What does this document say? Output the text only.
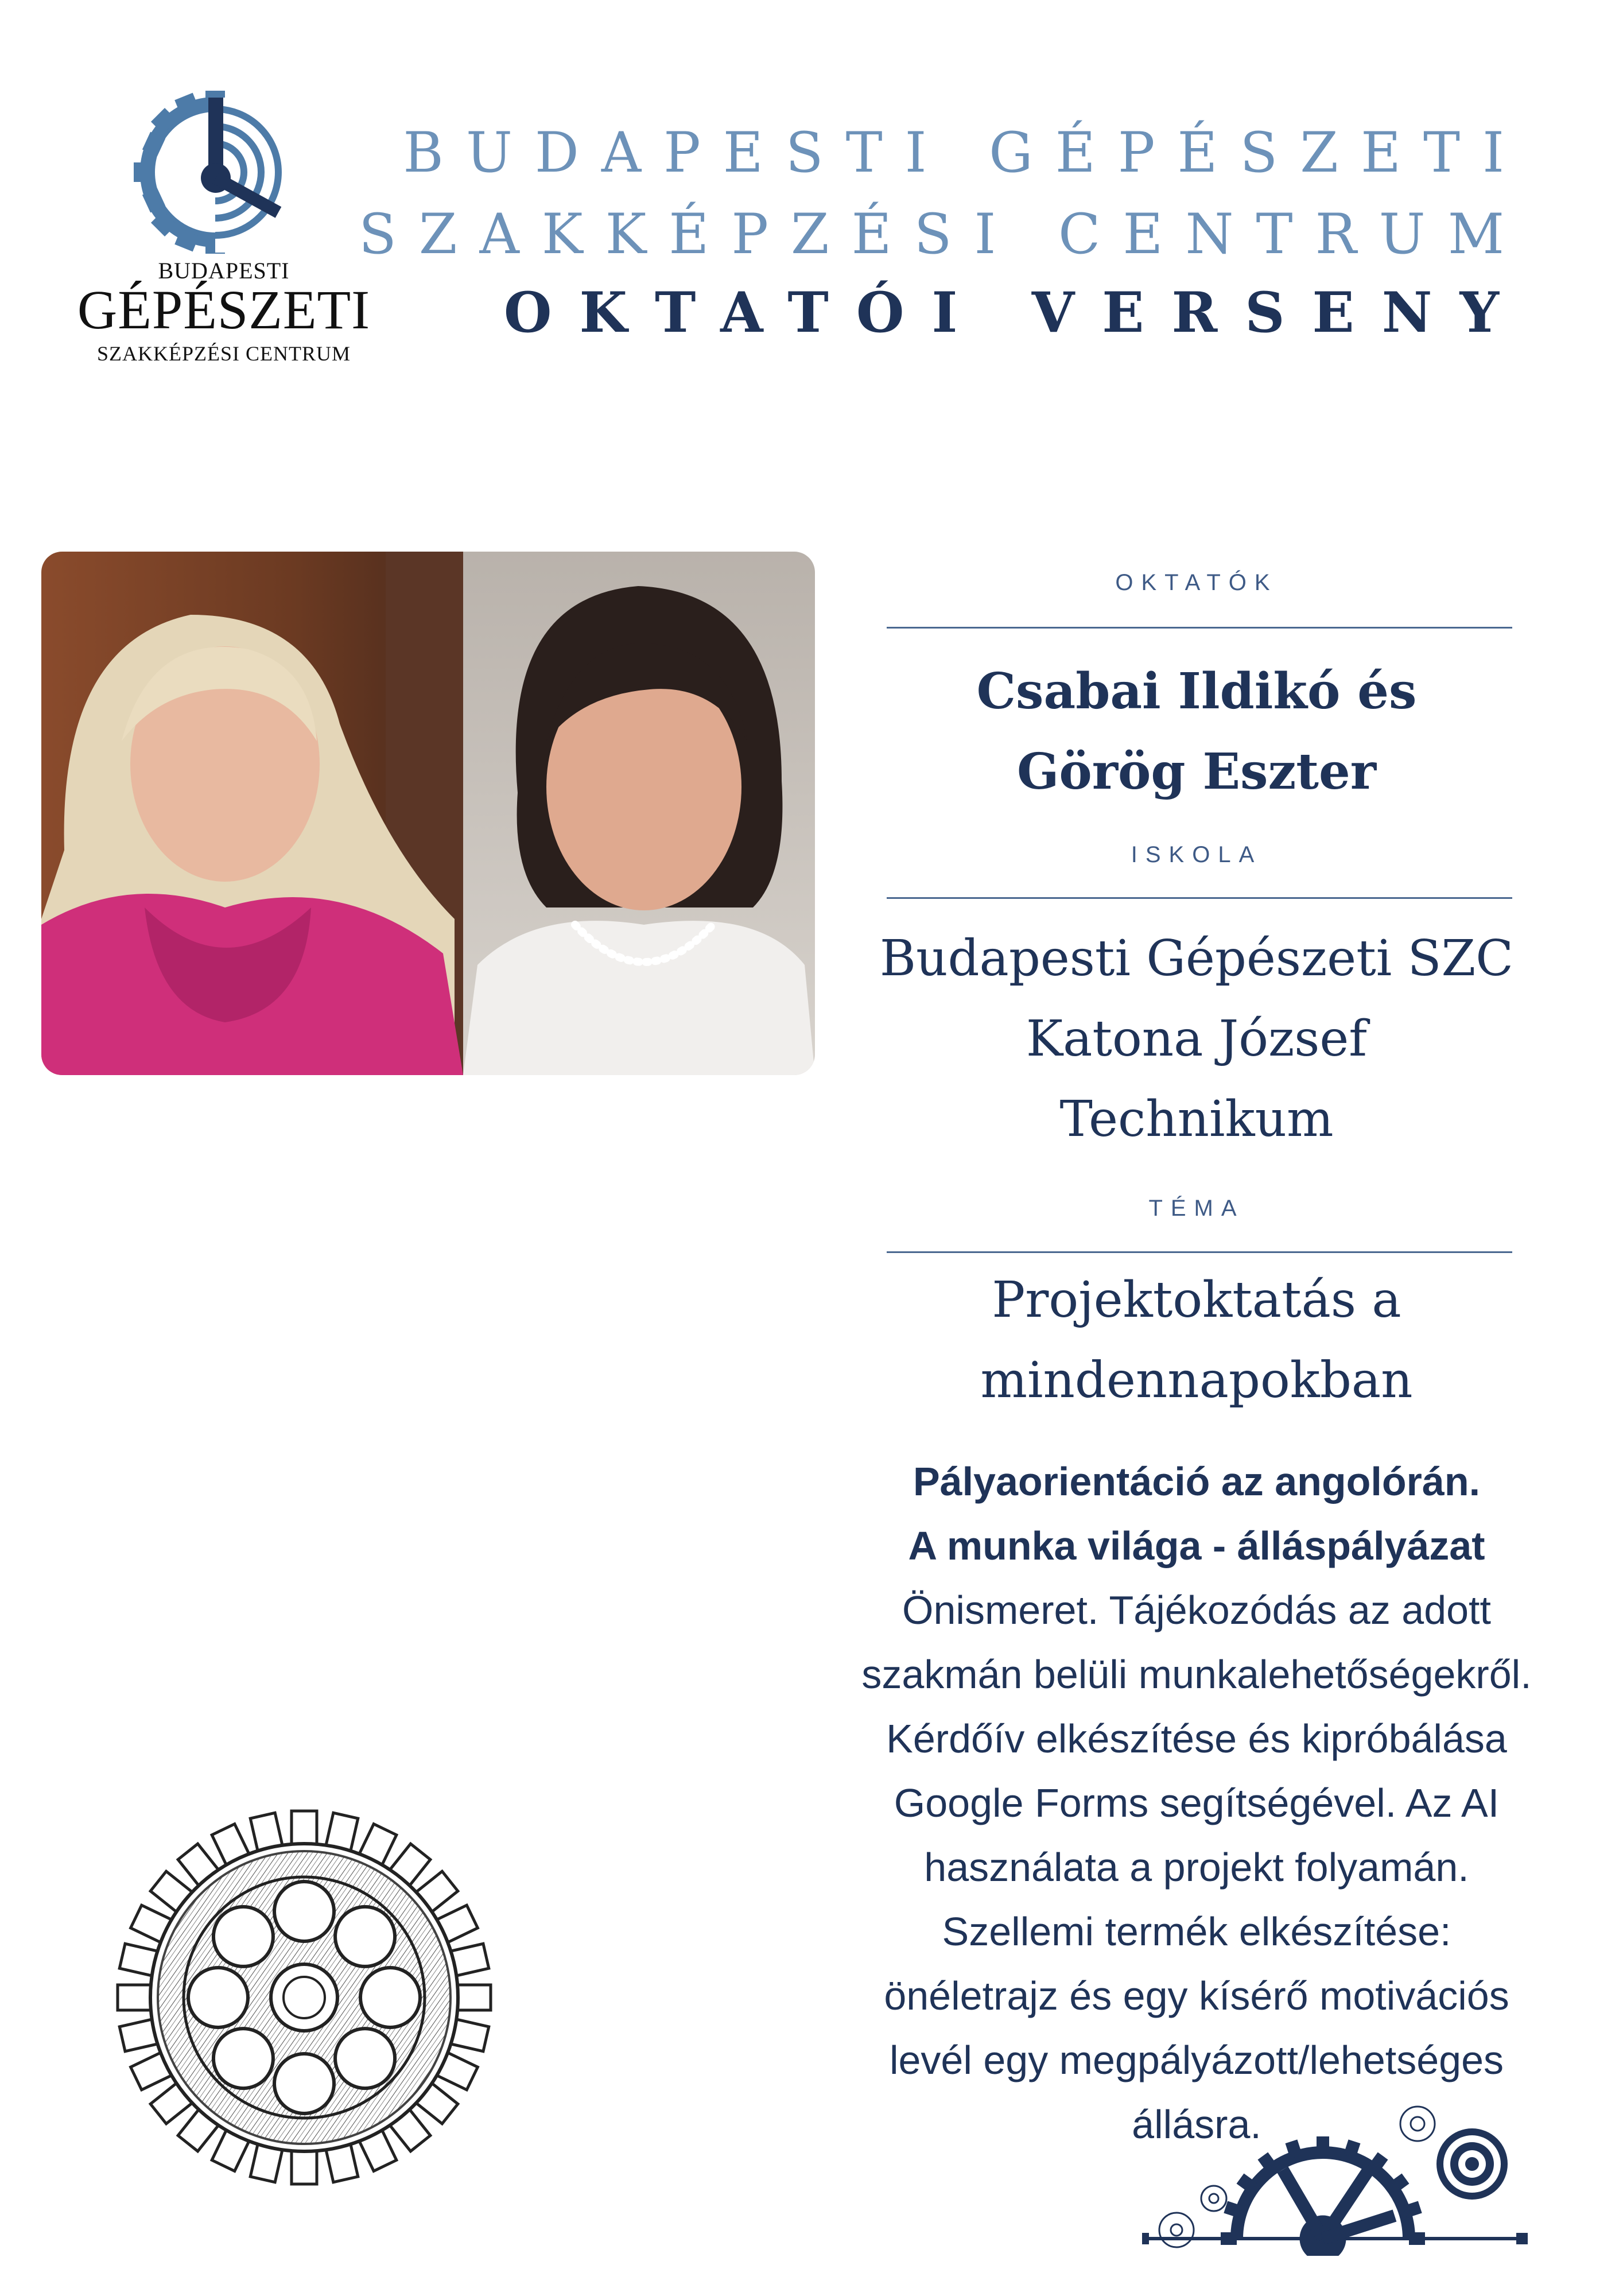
BUDAPESTI
GÉPÉSZETI
SZAKKÉPZÉSI CENTRUM
BUDAPESTI GÉPÉSZETI
SZAKKÉPZÉSI CENTRUM
OKTATÓI VERSENY
OKTATÓK
Csabai Ildikó és
Görög Eszter
ISKOLA
Budapesti Gépészeti SZC
Katona József
Technikum
TÉMA
Projektoktatás a
mindennapokban
Pályaorientáció az angolórán.
A munka világa - álláspályázat
Önismeret. Tájékozódás az adott
szakmán belüli munkalehetőségekről.
Kérdőív elkészítése és kipróbálása
Google Forms segítségével. Az AI
használata a projekt folyamán.
Szellemi termék elkészítése:
önéletrajz és egy kísérő motivációs
levél egy megpályázott/lehetséges
állásra.
